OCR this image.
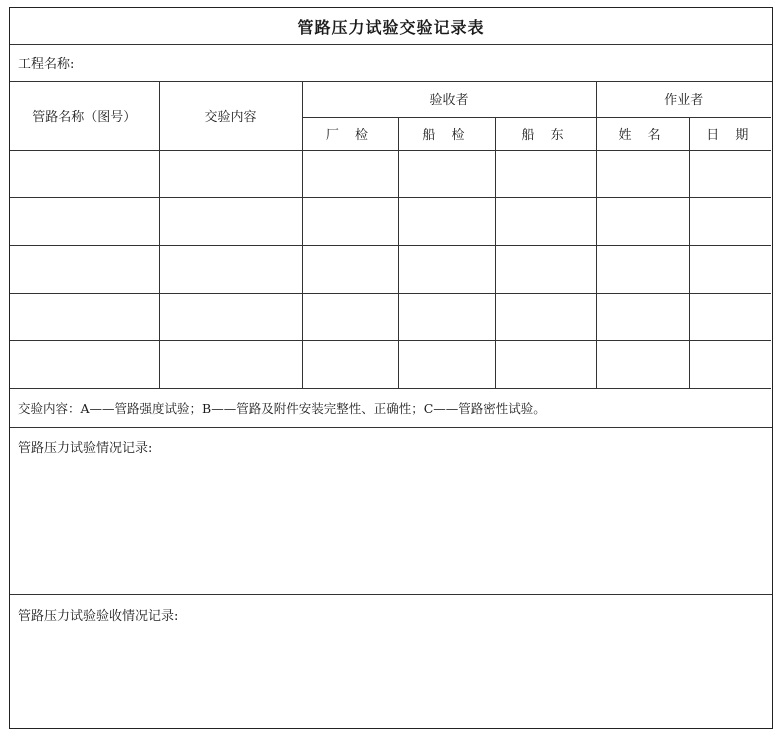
管路压力试验交验记录表
工程名称:
管路名称（图号）	交验内容	验收者			作业者	
		厂 检	船 检	船 东	姓 名	日 期

交验内容：A——管路强度试验；B——管路及附件安装完整性、正确性；C——管路密性试验。
管路压力试验情况记录:
管路压力试验验收情况记录:
